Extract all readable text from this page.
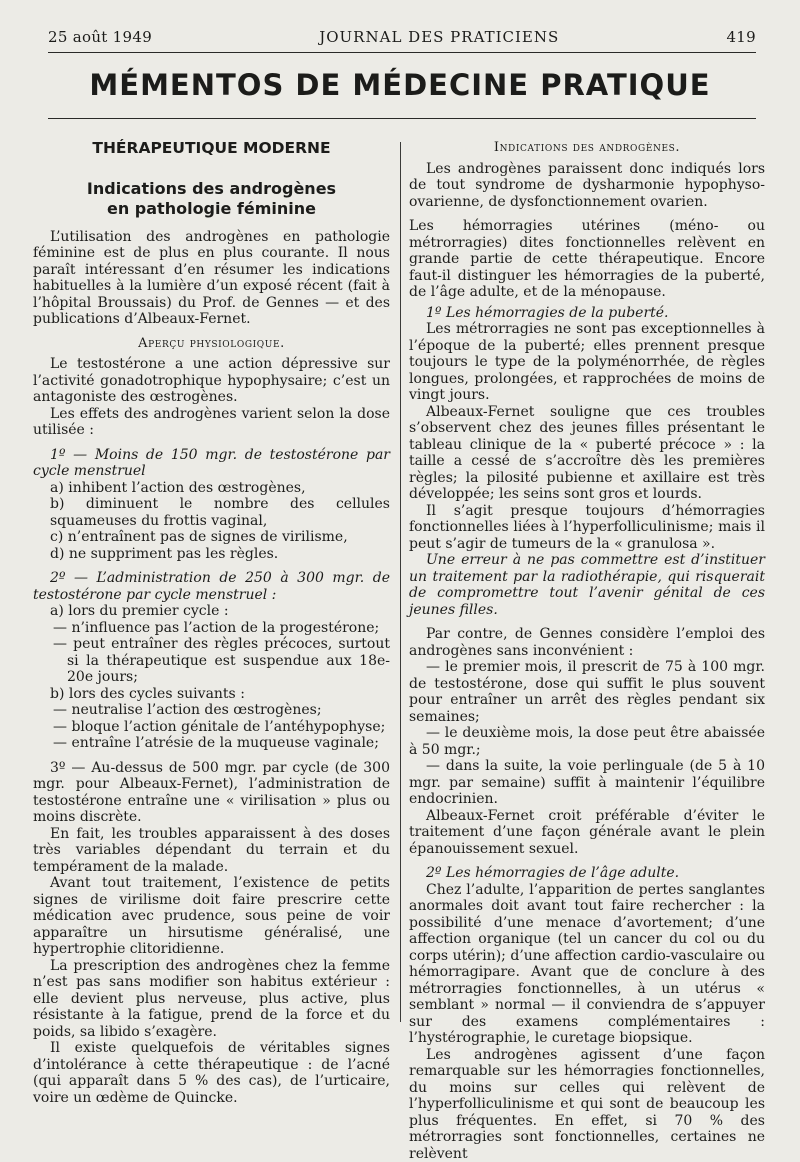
25 août 1949	JOURNAL DES PRATICIENS	419
MÉMENTOS DE MÉDECINE PRATIQUE
THÉRAPEUTIQUE MODERNE
Indications des androgènes
en pathologie féminine

L’utilisation des androgènes en pathologie féminine est de plus en plus courante. Il nous paraît intéressant d’en résumer les indications habituelles à la lumière d’un exposé récent (fait à l’hôpital Broussais) du Prof. de Gennes — et des publications d’Albeaux-Fernet.

Aperçu physiologique.

Le testostérone a une action dépressive sur l’activité gonadotrophique hypophysaire; c’est un antagoniste des œstrogènes.

Les effets des androgènes varient selon la dose utilisée :

1º — Moins de 150 mgr. de testostérone par cycle menstruel

a) inhibent l’action des œstrogènes,

b) diminuent le nombre des cellules squameuses du frottis vaginal,

c) n’entraînent pas de signes de virilisme,

d) ne suppriment pas les règles.

2º — L’administration de 250 à 300 mgr. de testostérone par cycle menstruel :

a) lors du premier cycle :

— n’influence pas l’action de la progestérone;

— peut entraîner des règles précoces, surtout si la thérapeutique est suspendue aux 18e-20e jours;

b) lors des cycles suivants :

— neutralise l’action des œstrogènes;

— bloque l’action génitale de l’antéhypophyse;

— entraîne l’atrésie de la muqueuse vaginale;

3º — Au-dessus de 500 mgr. par cycle (de 300 mgr. pour Albeaux-Fernet), l’administration de testostérone entraîne une « virilisation » plus ou moins discrète.

En fait, les troubles apparaissent à des doses très variables dépendant du terrain et du tempérament de la malade.

Avant tout traitement, l’existence de petits signes de virilisme doit faire prescrire cette médication avec prudence, sous peine de voir apparaître un hirsutisme généralisé, une hypertrophie clitoridienne.

La prescription des androgènes chez la femme n’est pas sans modifier son habitus extérieur : elle devient plus nerveuse, plus active, plus résistante à la fatigue, prend de la force et du poids, sa libido s’exagère.

Il existe quelquefois de véritables signes d’intolérance à cette thérapeutique : de l’acné (qui apparaît dans 5 % des cas), de l’urticaire, voire un œdème de Quincke.

Indications des androgènes.

Les androgènes paraissent donc indiqués lors de tout syndrome de dysharmonie hypophyso-ovarienne, de dysfonctionnement ovarien.

Les hémorragies utérines (méno- ou métrorragies) dites fonctionnelles relèvent en grande partie de cette thérapeutique. Encore faut-il distinguer les hémorragies de la puberté, de l’âge adulte, et de la ménopause.

1º Les hémorragies de la puberté.

Les métrorragies ne sont pas exceptionnelles à l’époque de la puberté; elles prennent presque toujours le type de la polyménorrhée, de règles longues, prolongées, et rapprochées de moins de vingt jours.

Albeaux-Fernet souligne que ces troubles s’observent chez des jeunes filles présentant le tableau clinique de la « puberté précoce » : la taille a cessé de s’accroître dès les premières règles; la pilosité pubienne et axillaire est très développée; les seins sont gros et lourds.

Il s’agit presque toujours d’hémorragies fonctionnelles liées à l’hyperfolliculinisme; mais il peut s’agir de tumeurs de la « granulosa ».

Une erreur à ne pas commettre est d’instituer un traitement par la radiothérapie, qui risquerait de compromettre tout l’avenir génital de ces jeunes filles.

Par contre, de Gennes considère l’emploi des androgènes sans inconvénient :

— le premier mois, il prescrit de 75 à 100 mgr. de testostérone, dose qui suffit le plus souvent pour entraîner un arrêt des règles pendant six semaines;

— le deuxième mois, la dose peut être abaissée à 50 mgr.;

— dans la suite, la voie perlinguale (de 5 à 10 mgr. par semaine) suffit à maintenir l’équilibre endocrinien.

Albeaux-Fernet croit préférable d’éviter le traitement d’une façon générale avant le plein épanouissement sexuel.

2º Les hémorragies de l’âge adulte.

Chez l’adulte, l’apparition de pertes sanglantes anormales doit avant tout faire rechercher : la possibilité d’une menace d’avortement; d’une affection organique (tel un cancer du col ou du corps utérin); d’une affection cardio-vasculaire ou hémorragipare. Avant que de conclure à des métrorragies fonctionnelles, à un utérus « semblant » normal — il conviendra de s’appuyer sur des examens complémentaires : l’hystérographie, le curetage biopsique.

Les androgènes agissent d’une façon remarquable sur les hémorragies fonctionnelles, du moins sur celles qui relèvent de l’hyperfolliculinisme et qui sont de beaucoup les plus fréquentes. En effet, si 70 % des métrorragies sont fonctionnelles, certaines ne relèvent
